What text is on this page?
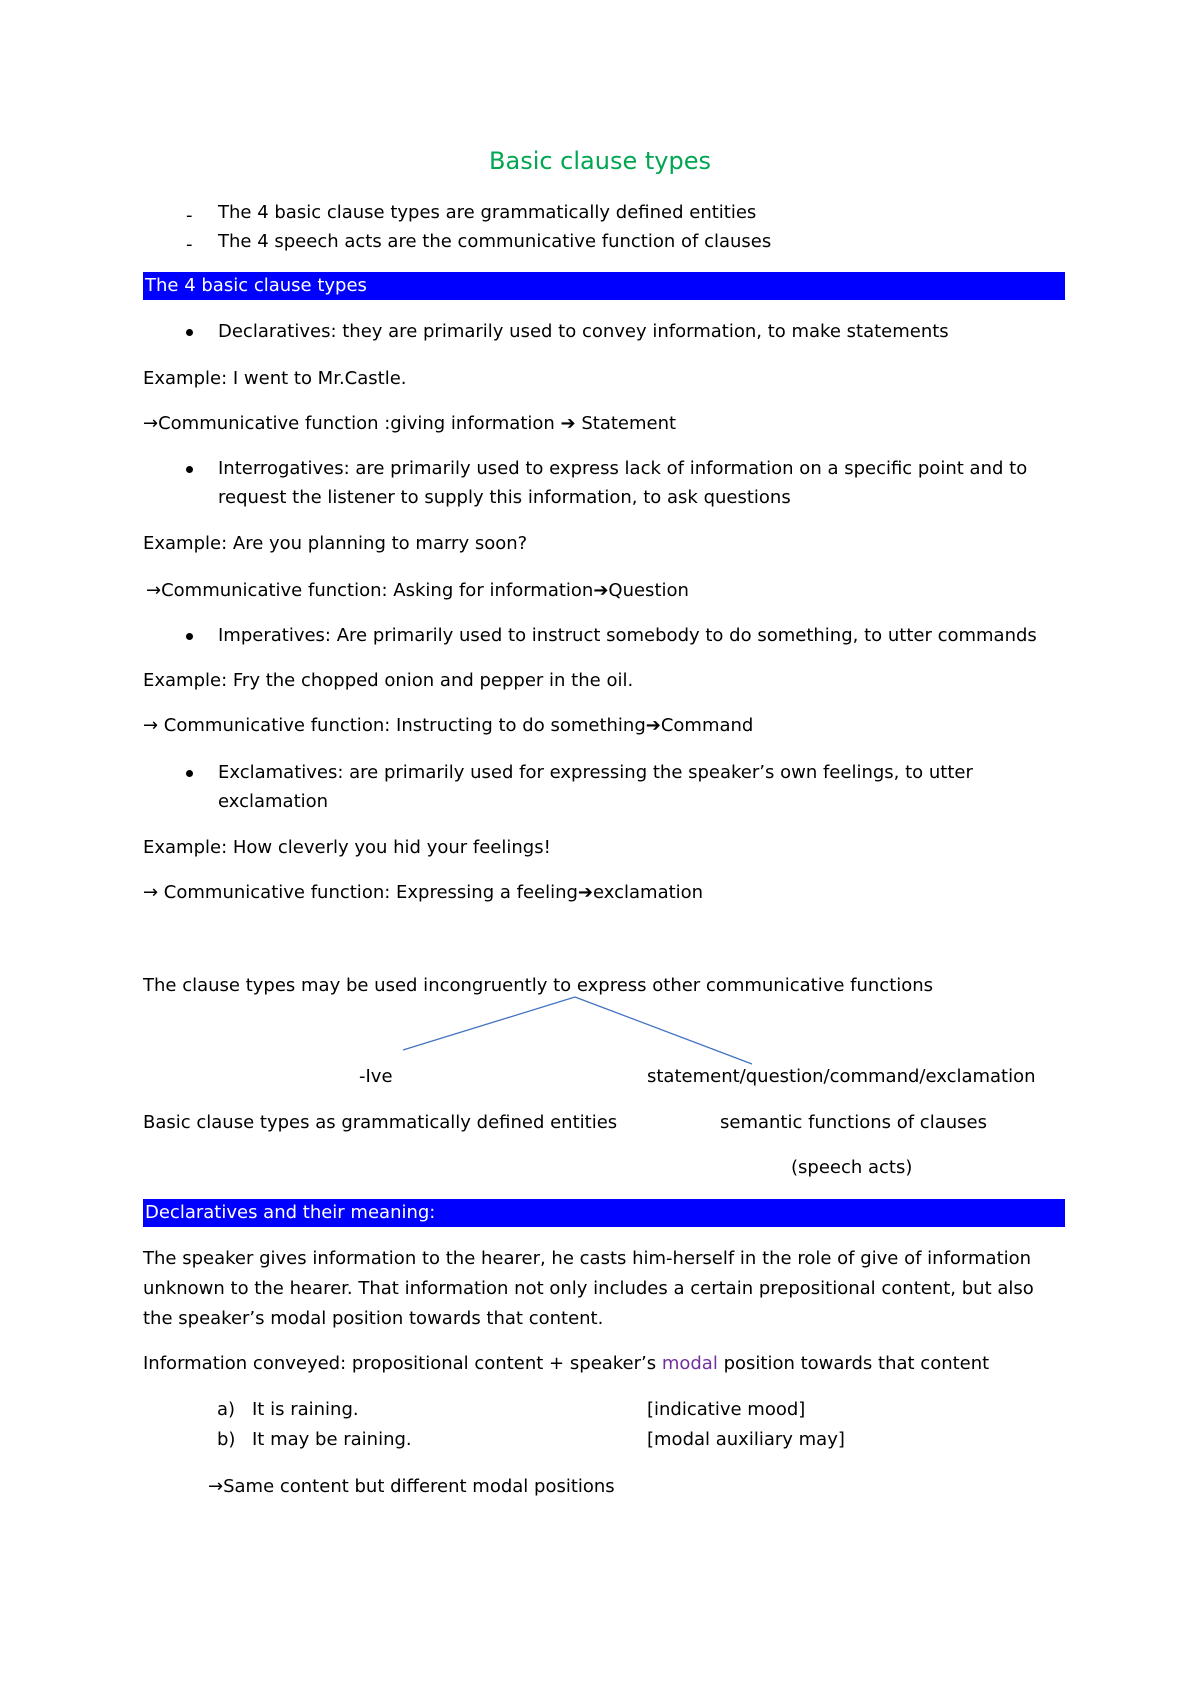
Basic clause types
- The 4 basic clause types are grammatically defined entities
- The 4 speech acts are the communicative function of clauses
The 4 basic clause types
Declaratives: they are primarily used to convey information, to make statements
Example: I went to Mr.Castle.
→Communicative function :giving information ➔ Statement
Interrogatives: are primarily used to express lack of information on a specific point and to
request the listener to supply this information, to ask questions
Example: Are you planning to marry soon?
→Communicative function: Asking for information➔Question
Imperatives: Are primarily used to instruct somebody to do something, to utter commands
Example: Fry the chopped onion and pepper in the oil.
→ Communicative function: Instructing to do something➔Command
Exclamatives: are primarily used for expressing the speaker’s own feelings, to utter
exclamation
Example: How cleverly you hid your feelings!
→ Communicative function: Expressing a feeling➔exclamation
The clause types may be used incongruently to express other communicative functions
-Ive	statement/question/command/exclamation
Basic clause types as grammatically defined entities	semantic functions of clauses
(speech acts)
Declaratives and their meaning:
The speaker gives information to the hearer, he casts him-herself in the role of give of information
unknown to the hearer. That information not only includes a certain prepositional content, but also
the speaker’s modal position towards that content.
Information conveyed: propositional content + speaker’s modal position towards that content
a) It is raining.	[indicative mood]
b) It may be raining.	[modal auxiliary may]
→Same content but different modal positions
